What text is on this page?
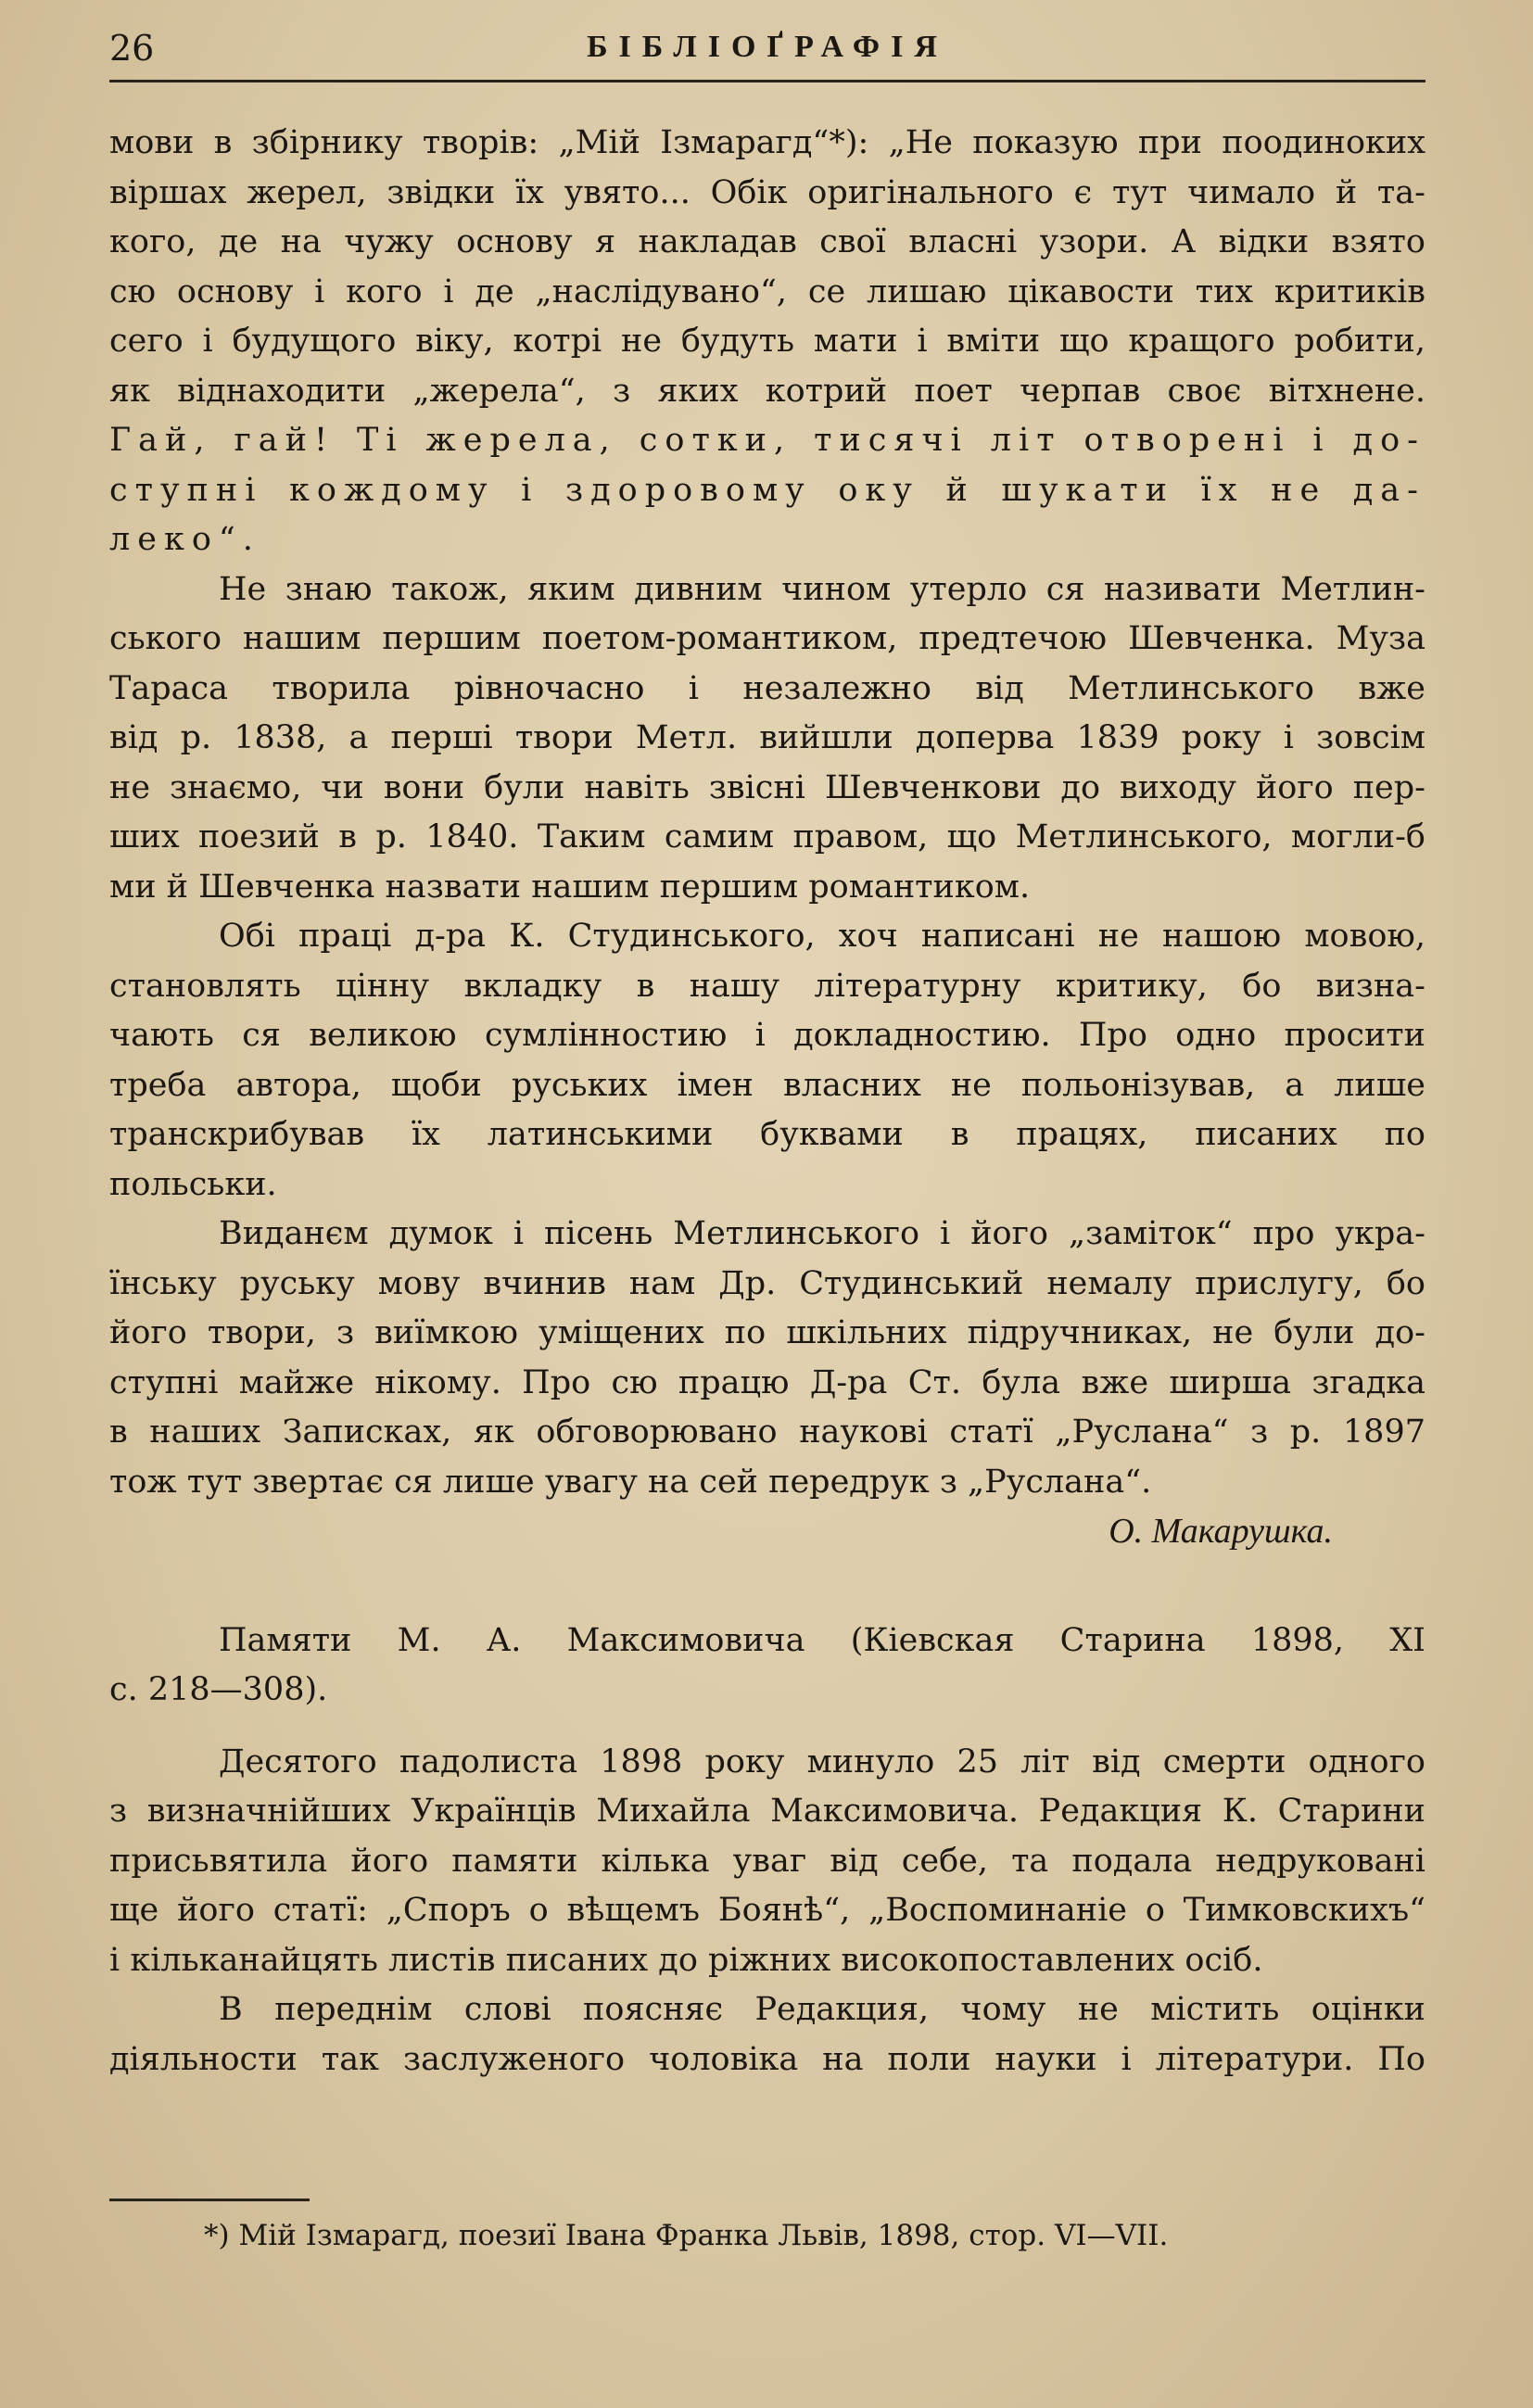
26	БІБЛІОҐРАФІЯ
мови в збірнику творів: „Мій Ізмарагд“*): „Не показую при поодиноких
віршах жерел, звідки їх увято... Обік оригінального є тут чимало й та-
кого, де на чужу основу я накладав свої власні узори. А відки взято
сю основу і кого і де „наслідувано“, се лишаю цікавости тих критиків
сего і будущого віку, котрі не будуть мати і вміти що кращого робити,
як віднаходити „жерела“, з яких котрий поет черпав своє вітхнене.
Гай, гай! Ті жерела, сотки, тисячі літ отворені і до-
ступні кождому і здоровому оку й шукати їх не да-
леко“.
Не знаю також, яким дивним чином утерло ся називати Метлин-
ського нашим першим поетом-романтиком, предтечою Шевченка. Муза
Тараса творила рівночасно і незалежно від Метлинського вже
від р. 1838, а перші твори Метл. вийшли доперва 1839 року і зовсім
не знаємо, чи вони були навіть звісні Шевченкови до виходу його пер-
ших поезий в р. 1840. Таким самим правом, що Метлинського, могли-б
ми й Шевченка назвати нашим першим романтиком.
Обі праці д-ра К. Студинського, хоч написані не нашою мовою,
становлять цінну вкладку в нашу літературну критику, бо визна-
чають ся великою сумлінностию і докладностию. Про одно просити
треба автора, щоби руських імен власних не польонізував, а лише
транскрибував їх латинськими буквами в працях, писаних по
польськи.
Виданєм думок і пісень Метлинського і його „заміток“ про укра-
їнську руську мову вчинив нам Др. Студинський немалу прислугу, бо
його твори, з виїмкою уміщених по шкільних підручниках, не були до-
ступні майже нікому. Про сю працю Д-ра Ст. була вже ширша згадка
в наших Записках, як обговорювано наукові статї „Руслана“ з р. 1897
тож тут звертає ся лише увагу на сей передрук з „Руслана“.
О. Макарушка.
Памяти М. А. Максимовича (Кіевская Старина 1898, XI
с. 218—308).
Десятого падолиста 1898 року минуло 25 літ від смерти одного
з визначнійших Українців Михайла Максимовича. Редакция К. Старини
присьвятила його памяти кілька уваг від себе, та подала недруковані
ще його статї: „Споръ о вѣщемъ Боянѣ“, „Воспоминаніе о Тимковскихъ“
і кільканайцять листів писаних до ріжних високопоставлених осіб.
В переднім слові поясняє Редакция, чому не містить оцінки
діяльности так заслуженого чоловіка на поли науки і літератури. По
*) Мій Ізмарагд, поезиї Івана Франка Львів, 1898, стор. VI—VII.
